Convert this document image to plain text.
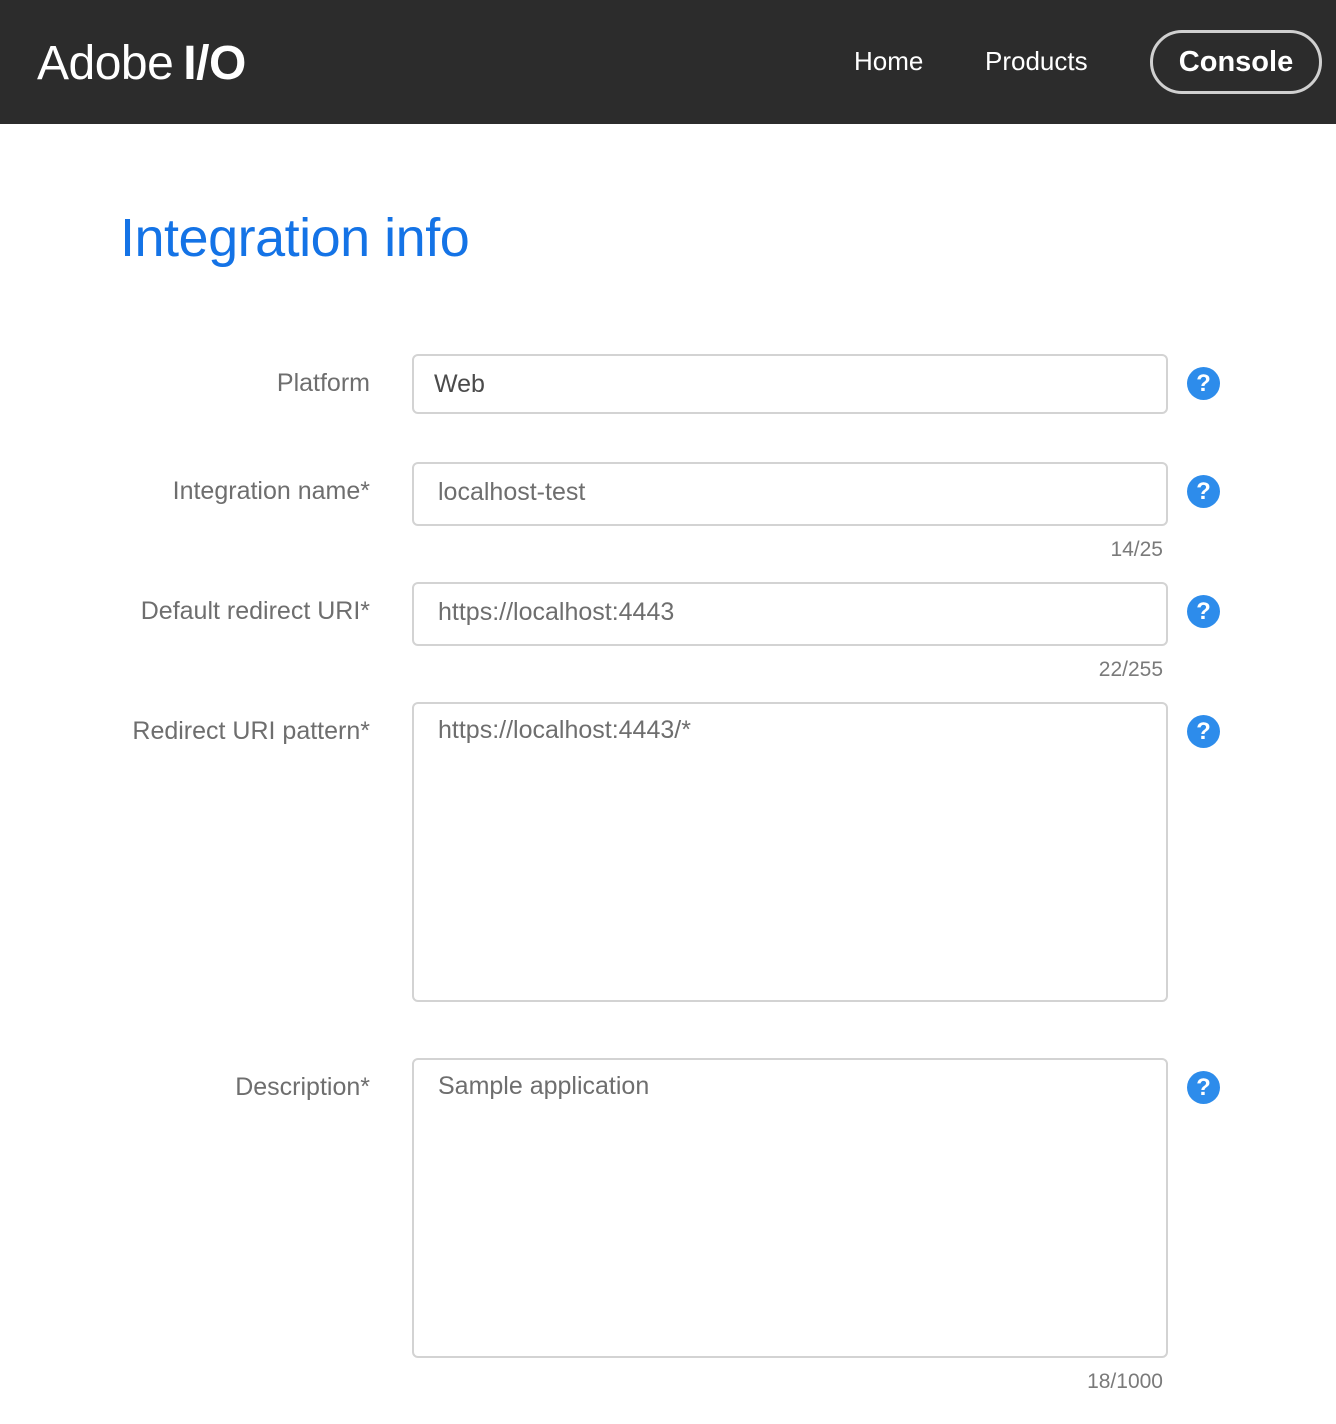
Adobe I/O	Home Products	Console
Integration info
Platform	Web	?
Integration name*	localhost-test	?
14/25
Default redirect URI*	https://localhost:4443	?
22/255
Redirect URI pattern*	https://localhost:4443/*	?
Description*	Sample application	?
18/1000
